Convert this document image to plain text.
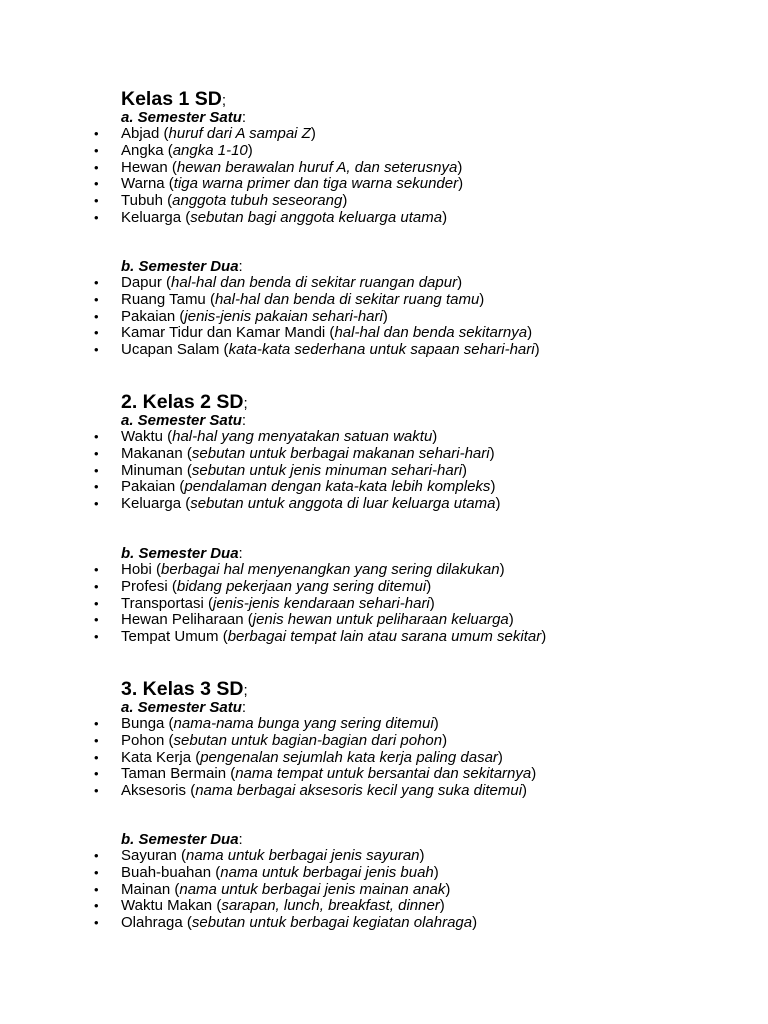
Kelas 1 SD;
a. Semester Satu:
• Abjad (huruf dari A sampai Z)
• Angka (angka 1-10)
• Hewan (hewan berawalan huruf A, dan seterusnya)
• Warna (tiga warna primer dan tiga warna sekunder)
• Tubuh (anggota tubuh seseorang)
• Keluarga (sebutan bagi anggota keluarga utama)
b. Semester Dua:
• Dapur (hal-hal dan benda di sekitar ruangan dapur)
• Ruang Tamu (hal-hal dan benda di sekitar ruang tamu)
• Pakaian (jenis-jenis pakaian sehari-hari)
• Kamar Tidur dan Kamar Mandi (hal-hal dan benda sekitarnya)
• Ucapan Salam (kata-kata sederhana untuk sapaan sehari-hari)
2. Kelas 2 SD;
a. Semester Satu:
• Waktu (hal-hal yang menyatakan satuan waktu)
• Makanan (sebutan untuk berbagai makanan sehari-hari)
• Minuman (sebutan untuk jenis minuman sehari-hari)
• Pakaian (pendalaman dengan kata-kata lebih kompleks)
• Keluarga (sebutan untuk anggota di luar keluarga utama)
b. Semester Dua:
• Hobi (berbagai hal menyenangkan yang sering dilakukan)
• Profesi (bidang pekerjaan yang sering ditemui)
• Transportasi (jenis-jenis kendaraan sehari-hari)
• Hewan Peliharaan (jenis hewan untuk peliharaan keluarga)
• Tempat Umum (berbagai tempat lain atau sarana umum sekitar)
3. Kelas 3 SD;
a. Semester Satu:
• Bunga (nama-nama bunga yang sering ditemui)
• Pohon (sebutan untuk bagian-bagian dari pohon)
• Kata Kerja (pengenalan sejumlah kata kerja paling dasar)
• Taman Bermain (nama tempat untuk bersantai dan sekitarnya)
• Aksesoris (nama berbagai aksesoris kecil yang suka ditemui)
b. Semester Dua:
• Sayuran (nama untuk berbagai jenis sayuran)
• Buah-buahan (nama untuk berbagai jenis buah)
• Mainan (nama untuk berbagai jenis mainan anak)
• Waktu Makan (sarapan, lunch, breakfast, dinner)
• Olahraga (sebutan untuk berbagai kegiatan olahraga)
